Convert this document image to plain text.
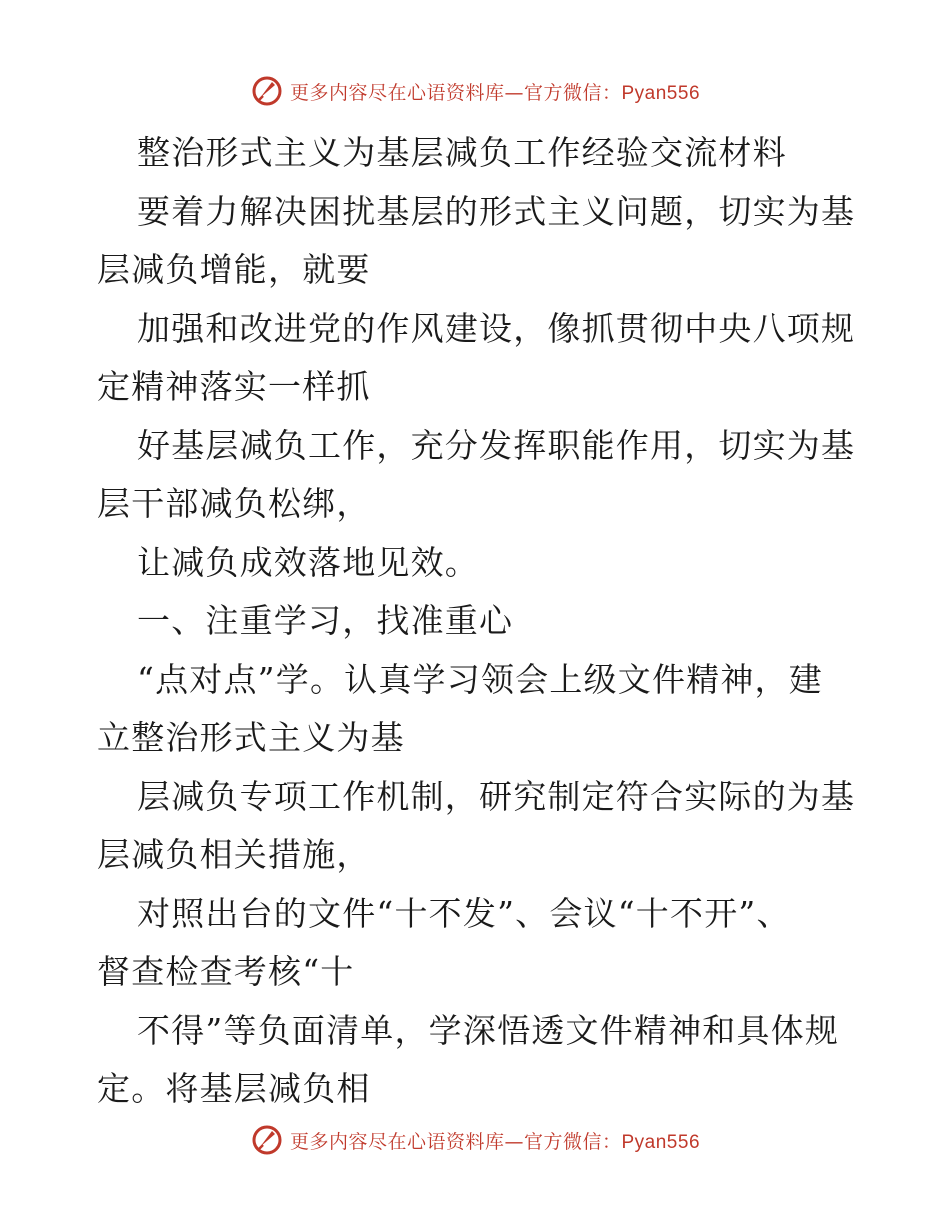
更多内容尽在心语资料库—官方微信：Pyan556
整治形式主义为基层减负工作经验交流材料
要着力解决困扰基层的形式主义问题，切实为基
层减负增能，就要
加强和改进党的作风建设，像抓贯彻中央八项规
定精神落实一样抓
好基层减负工作，充分发挥职能作用，切实为基
层干部减负松绑，
让减负成效落地见效。
一、注重学习，找准重心
“点对点”学。认真学习领会上级文件精神，建
立整治形式主义为基
层减负专项工作机制，研究制定符合实际的为基
层减负相关措施，
对照出台的文件“十不发”、会议“十不开”、
督查检查考核“十
不得”等负面清单，学深悟透文件精神和具体规
定。将基层减负相
更多内容尽在心语资料库—官方微信：Pyan556
